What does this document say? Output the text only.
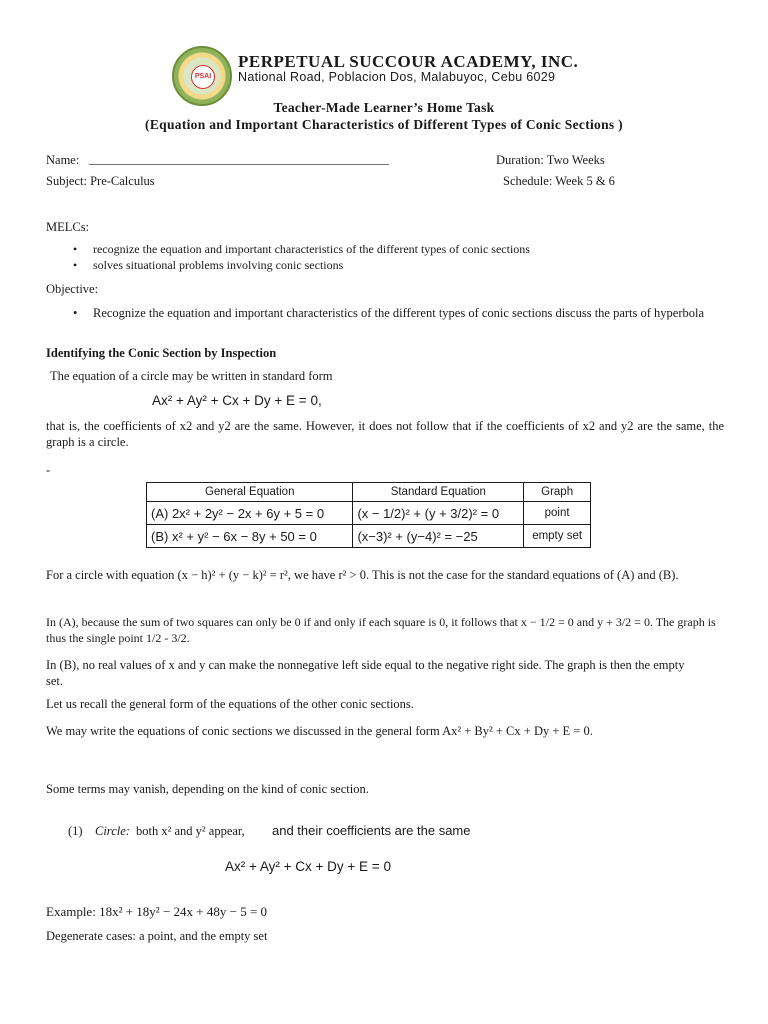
PSAI
PERPETUAL SUCCOUR ACADEMY, INC.
National Road, Poblacion Dos, Malabuyoc, Cebu 6029
Teacher-Made Learner’s Home Task
(Equation and Important Characteristics of Different Types of Conic Sections )
Name: ________________________________________________	Duration: Two Weeks
Subject: Pre-Calculus	Schedule: Week 5 & 6
MELCs:
• recognize the equation and important characteristics of the different types of conic sections
• solves situational problems involving conic sections
Objective:
• Recognize the equation and important characteristics of the different types of conic sections discuss the parts of hyperbola
Identifying the Conic Section by Inspection
The equation of a circle may be written in standard form
Ax² + Ay² + Cx + Dy + E = 0,
that is, the coefficients of x2 and y2 are the same. However, it does not follow that if the coefficients of x2 and y2 are the same, the graph is a circle.
-
General Equation	Standard Equation	Graph
(A) 2x² + 2y² − 2x + 6y + 5 = 0	(x − 1/2)² + (y + 3/2)² = 0	point
(B) x² + y² − 6x − 8y + 50 = 0	(x−3)² + (y−4)² = −25	empty set
For a circle with equation (x − h)² + (y − k)² = r², we have r² > 0. This is not the case for the standard equations of (A) and (B).
In (A), because the sum of two squares can only be 0 if and only if each square is 0, it follows that x − 1/2 = 0 and y + 3/2 = 0. The graph is thus the single point 1/2 - 3/2.
In (B), no real values of x and y can make the nonnegative left side equal to the negative right side. The graph is then the empty set.
Let us recall the general form of the equations of the other conic sections.
We may write the equations of conic sections we discussed in the general form Ax² + By² + Cx + Dy + E = 0.
Some terms may vanish, depending on the kind of conic section.
(1) Circle: both x² and y² appear, and their coefficients are the same
Ax² + Ay² + Cx + Dy + E = 0
Example: 18x² + 18y² − 24x + 48y − 5 = 0
Degenerate cases: a point, and the empty set
